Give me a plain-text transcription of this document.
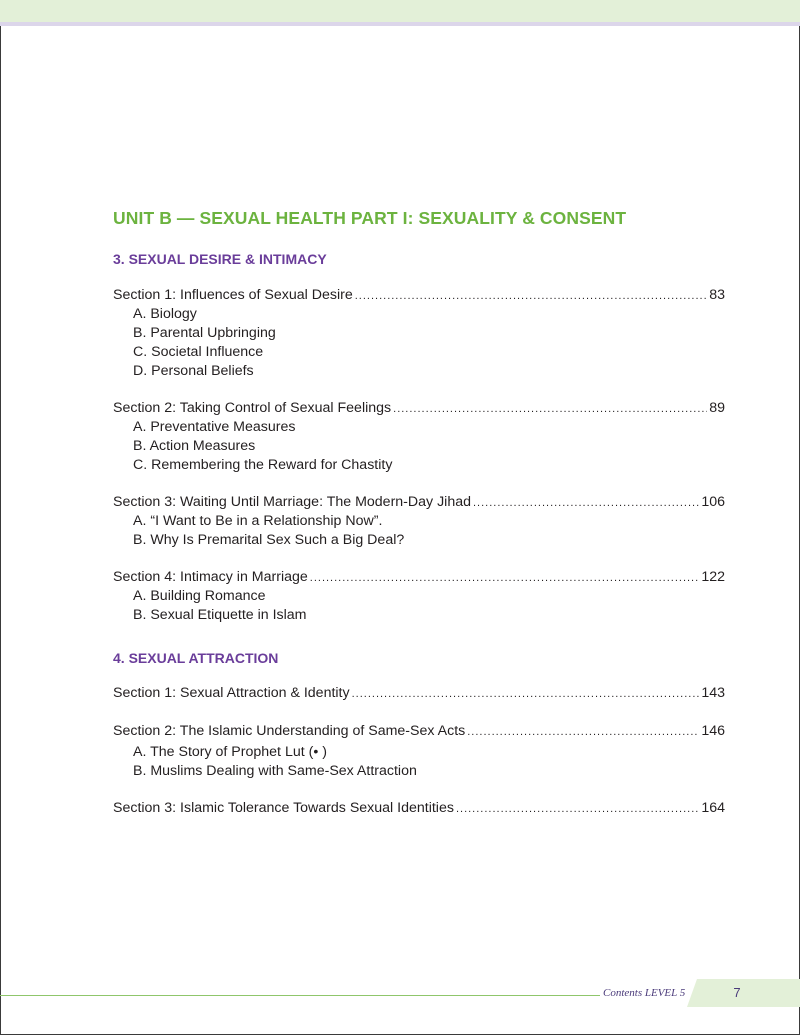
UNIT B — SEXUAL HEALTH PART I: SEXUALITY & CONSENT
3. SEXUAL DESIRE & INTIMACY
Section 1: Influences of Sexual Desire .....	83
A. Biology
B. Parental Upbringing
C. Societal Influence
D. Personal Beliefs
Section 2: Taking Control of Sexual Feelings .....	89
A. Preventative Measures
B. Action Measures
C. Remembering the Reward for Chastity
Section 3: Waiting Until Marriage: The Modern-Day Jihad .....	106
A. “I Want to Be in a Relationship Now”.
B. Why Is Premarital Sex Such a Big Deal?
Section 4: Intimacy in Marriage .....	122
A. Building Romance
B. Sexual Etiquette in Islam
4. SEXUAL ATTRACTION
Section 1: Sexual Attraction & Identity .....	143
Section 2: The Islamic Understanding of Same-Sex Acts .....	146
A. The Story of Prophet Lut (• )
B. Muslims Dealing with Same-Sex Attraction
Section 3: Islamic Tolerance Towards Sexual Identities .....	164
Contents LEVEL 5	7
